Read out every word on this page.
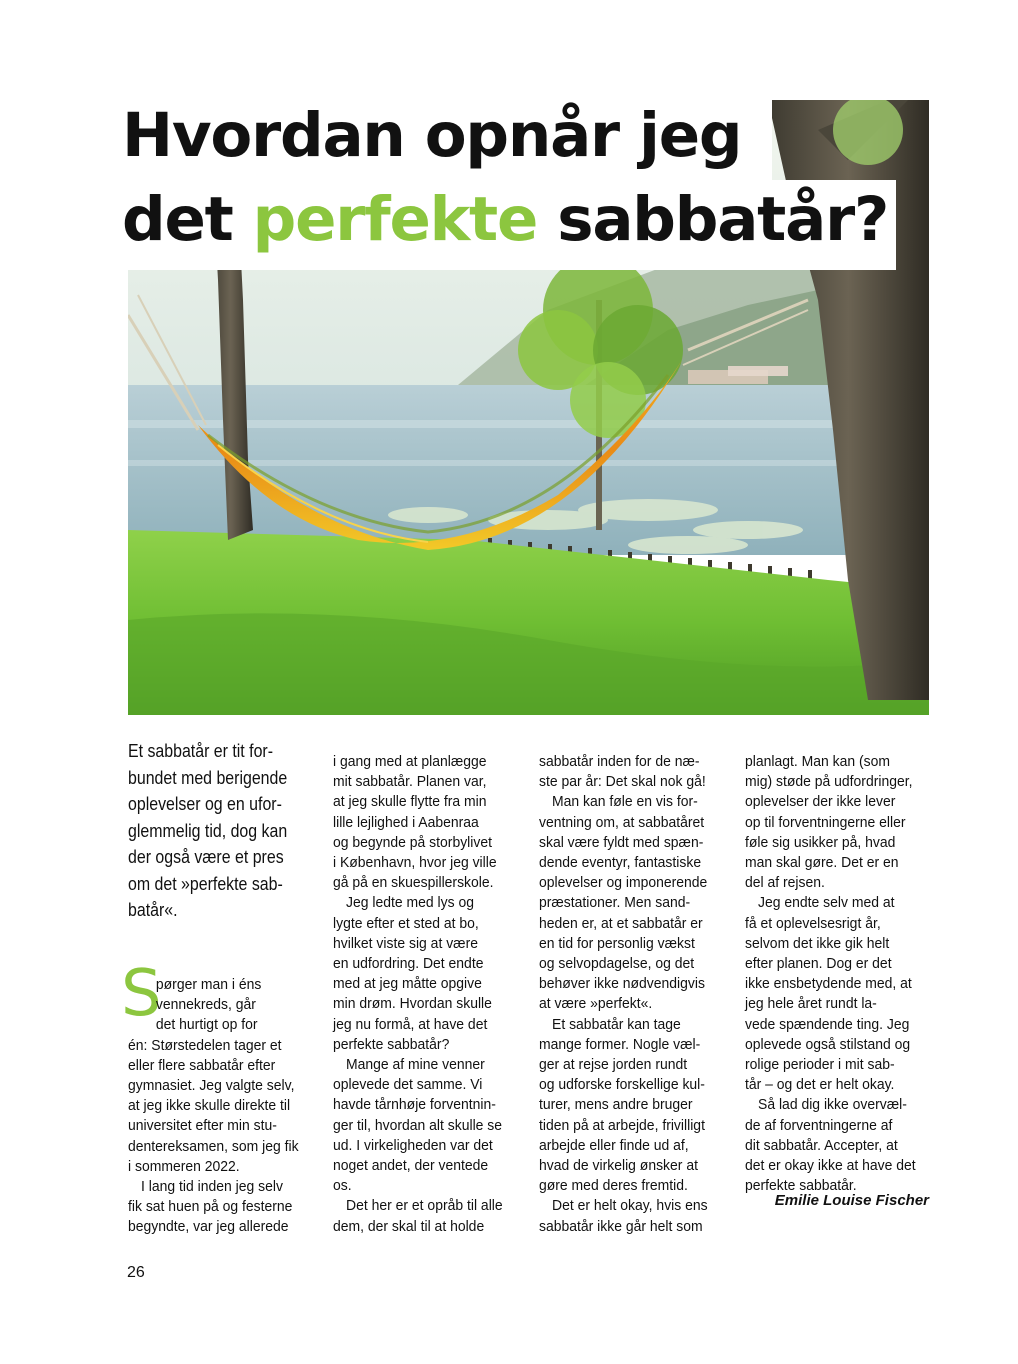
Hvordan opnår jeg
det perfekte sabbatår?

Et sabbatår er tit for-
bundet med berigende
oplevelser og en ufor-
glemmelig tid, dog kan
der også være et pres
om det »perfekte sab-
batår«.

S
pørger man i éns
vennekreds, går
det hurtigt op for
én: Størstedelen tager et
eller flere sabbatår efter
gymnasiet. Jeg valgte selv,
at jeg ikke skulle direkte til
universitet efter min stu-
dentereksamen, som jeg fik
i sommeren 2022.
I lang tid inden jeg selv
fik sat huen på og festerne
begyndte, var jeg allerede
i gang med at planlægge
mit sabbatår. Planen var,
at jeg skulle flytte fra min
lille lejlighed i Aabenraa
og begynde på storbylivet
i København, hvor jeg ville
gå på en skuespillerskole.
Jeg ledte med lys og
lygte efter et sted at bo,
hvilket viste sig at være
en udfordring. Det endte
med at jeg måtte opgive
min drøm. Hvordan skulle
jeg nu formå, at have det
perfekte sabbatår?
Mange af mine venner
oplevede det samme. Vi
havde tårnhøje forventnin-
ger til, hvordan alt skulle se
ud. I virkeligheden var det
noget andet, der ventede
os.
Det her er et opråb til alle
dem, der skal til at holde
sabbatår inden for de næ-
ste par år: Det skal nok gå!
Man kan føle en vis for-
ventning om, at sabbatåret
skal være fyldt med spæn-
dende eventyr, fantastiske
oplevelser og imponerende
præstationer. Men sand-
heden er, at et sabbatår er
en tid for personlig vækst
og selvopdagelse, og det
behøver ikke nødvendigvis
at være »perfekt«.
Et sabbatår kan tage
mange former. Nogle væl-
ger at rejse jorden rundt
og udforske forskellige kul-
turer, mens andre bruger
tiden på at arbejde, frivilligt
arbejde eller finde ud af,
hvad de virkelig ønsker at
gøre med deres fremtid.
Det er helt okay, hvis ens
sabbatår ikke går helt som
planlagt. Man kan (som
mig) støde på udfordringer,
oplevelser der ikke lever
op til forventningerne eller
føle sig usikker på, hvad
man skal gøre. Det er en
del af rejsen.
Jeg endte selv med at
få et oplevelsesrigt år,
selvom det ikke gik helt
efter planen. Dog er det
ikke ensbetydende med, at
jeg hele året rundt la-
vede spændende ting. Jeg
oplevede også stilstand og
rolige perioder i mit sab-
tår – og det er helt okay.
Så lad dig ikke overvæl-
de af forventningerne af
dit sabbatår. Accepter, at
det er okay ikke at have det
perfekte sabbatår.
Emilie Louise Fischer
26
